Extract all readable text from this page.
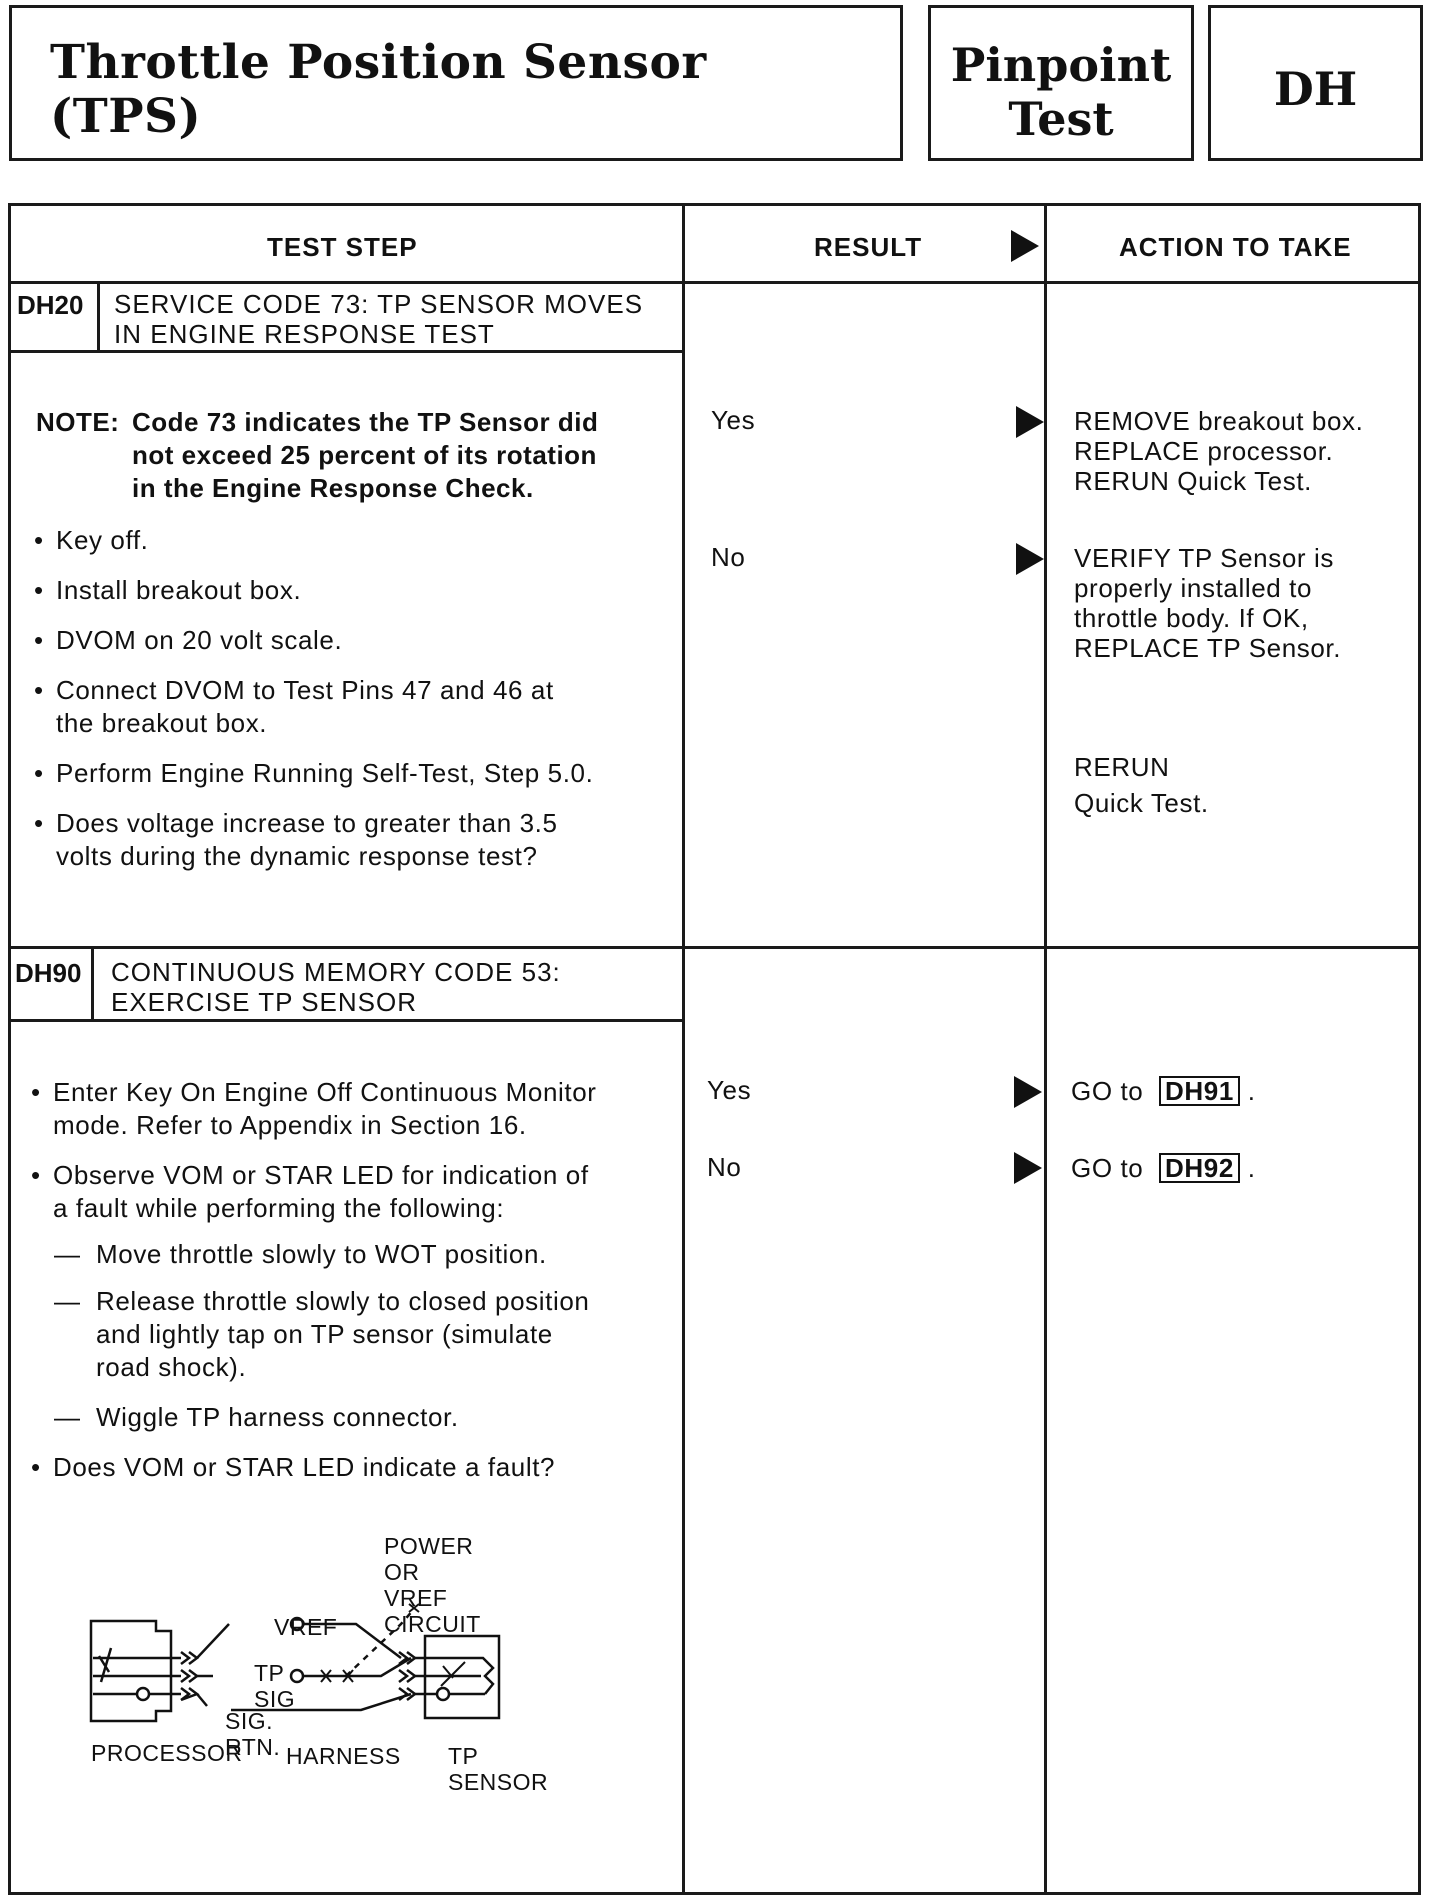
Throttle Position Sensor
(TPS)
Pinpoint
Test
DH
TEST STEP	RESULT	ACTION TO TAKE
DH20 SERVICE CODE 73: TP SENSOR MOVES
IN ENGINE RESPONSE TEST
NOTE: Code 73 indicates the TP Sensor did
not exceed 25 percent of its rotation
in the Engine Response Check.
• Key off.
• Install breakout box.
• DVOM on 20 volt scale.
• Connect DVOM to Test Pins 47 and 46 at
the breakout box.
• Perform Engine Running Self-Test, Step 5.0.
• Does voltage increase to greater than 3.5
volts during the dynamic response test?
Yes	REMOVE breakout box.
REPLACE processor.
RERUN Quick Test.
No	VERIFY TP Sensor is
properly installed to
throttle body. If OK,
REPLACE TP Sensor.
RERUN
Quick Test.
DH90 CONTINUOUS MEMORY CODE 53:
EXERCISE TP SENSOR
• Enter Key On Engine Off Continuous Monitor
mode. Refer to Appendix in Section 16.
• Observe VOM or STAR LED for indication of
a fault while performing the following:
— Move throttle slowly to WOT position.
— Release throttle slowly to closed position
and lightly tap on TP sensor (simulate
road shock).
— Wiggle TP harness connector.
• Does VOM or STAR LED indicate a fault?
Yes	GO to DH91 .
No	GO to DH92 .
POWER OR VREF
CIRCUIT
VREF
TP SIG
SIG. RTN.
PROCESSOR HARNESS TP SENSOR
